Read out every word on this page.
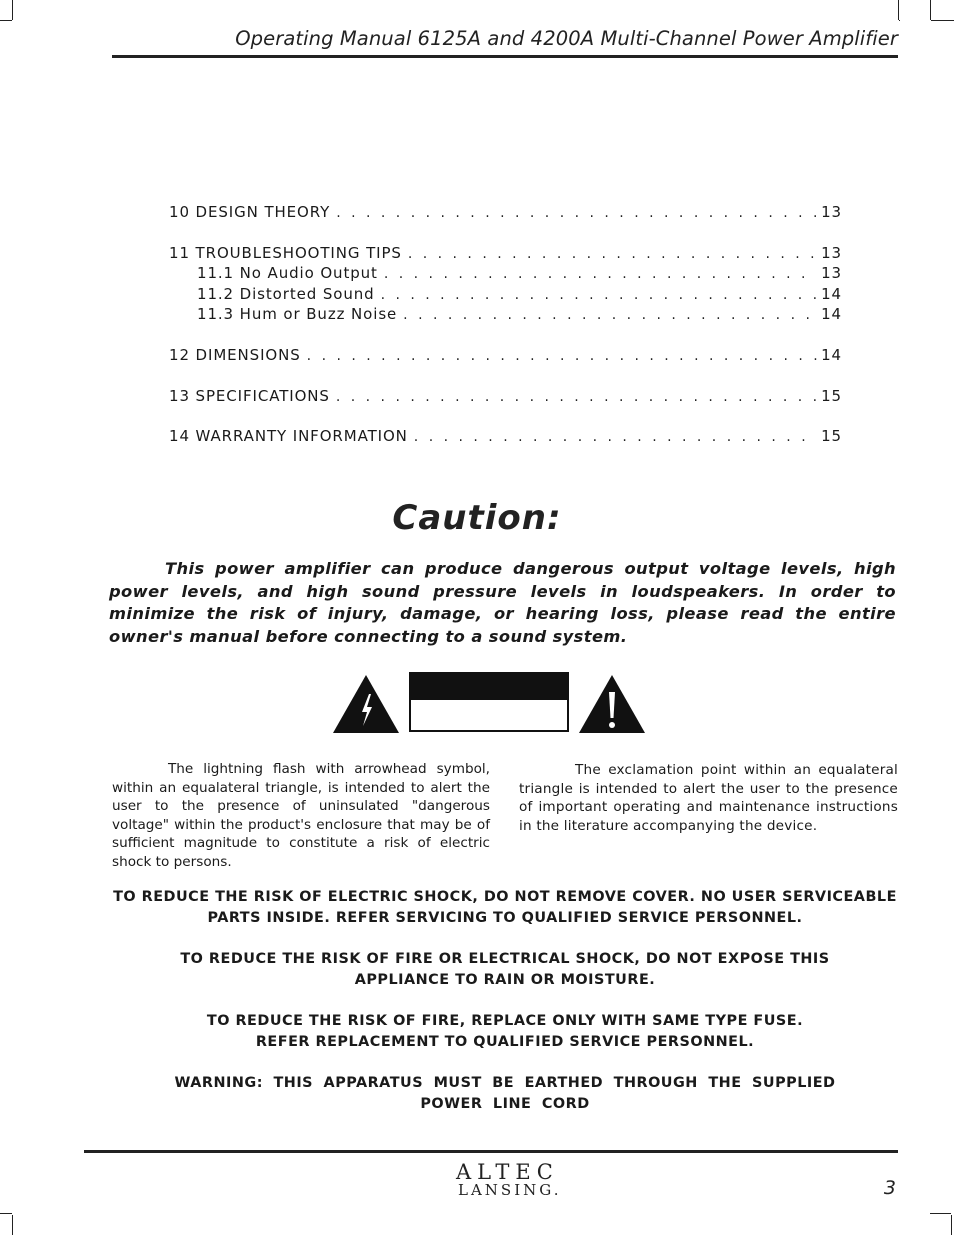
Operating Manual 6125A and 4200A Multi-Channel Power Amplifier
10 DESIGN THEORY . . .	13
11 TROUBLESHOOTING TIPS . . .	13
11.1 No Audio Output . . .	13
11.2 Distorted Sound . . .	14
11.3 Hum or Buzz Noise . . .	14
12 DIMENSIONS . . .	14
13 SPECIFICATIONS . . .	15
14 WARRANTY INFORMATION . . .	15
Caution:
This power amplifier can produce dangerous output voltage levels, high power levels, and high sound pressure levels in loudspeakers. In order to minimize the risk of injury, damage, or hearing loss, please read the entire owner's manual before connecting to a sound system.
The lightning flash with arrowhead symbol, within an equalateral triangle, is intended to alert the user to the presence of uninsulated "dangerous voltage" within the product's enclosure that may be of sufficient magnitude to constitute a risk of electric shock to persons.
The exclamation point within an equalateral triangle is intended to alert the user to the presence of important operating and maintenance instructions in the literature accompanying the device.
TO REDUCE THE RISK OF ELECTRIC SHOCK, DO NOT REMOVE COVER. NO USER SERVICEABLE PARTS INSIDE. REFER SERVICING TO QUALIFIED SERVICE PERSONNEL.
TO REDUCE THE RISK OF FIRE OR ELECTRICAL SHOCK, DO NOT EXPOSE THIS
APPLIANCE TO RAIN OR MOISTURE.
TO REDUCE THE RISK OF FIRE, REPLACE ONLY WITH SAME TYPE FUSE.
REFER REPLACEMENT TO QUALIFIED SERVICE PERSONNEL.
WARNING: THIS APPARATUS MUST BE EARTHED THROUGH THE SUPPLIED
POWER LINE CORD
ALTEC
LANSING.	3
